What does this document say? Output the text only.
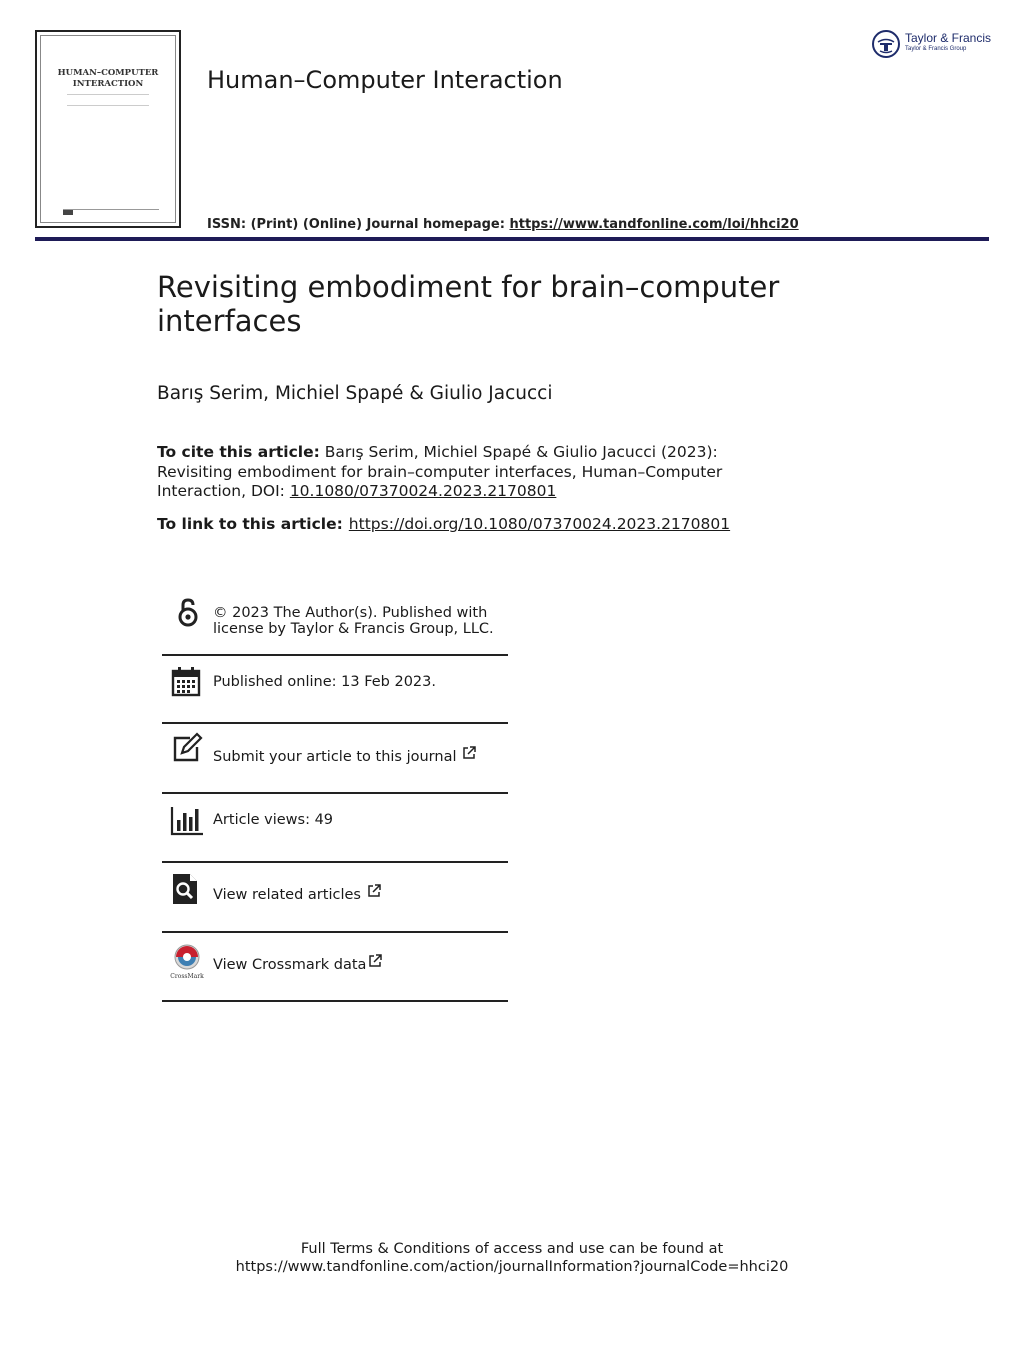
HUMAN–COMPUTER
INTERACTION	Human–Computer Interaction
ISSN: (Print) (Online) Journal homepage: https://www.tandfonline.com/loi/hhci20
Taylor & Francis
Taylor & Francis Group
Revisiting embodiment for brain–computer interfaces
Barış Serim, Michiel Spapé & Giulio Jacucci
To cite this article: Barış Serim, Michiel Spapé & Giulio Jacucci (2023): Revisiting embodiment for brain–computer interfaces, Human–Computer Interaction, DOI: 10.1080/07370024.2023.2170801
To link to this article: https://doi.org/10.1080/07370024.2023.2170801
© 2023 The Author(s). Published with
license by Taylor & Francis Group, LLC.
Published online: 13 Feb 2023.
Submit your article to this journal
Article views: 49
View related articles
CrossMark
View Crossmark data
Full Terms & Conditions of access and use can be found at
https://www.tandfonline.com/action/journalInformation?journalCode=hhci20
